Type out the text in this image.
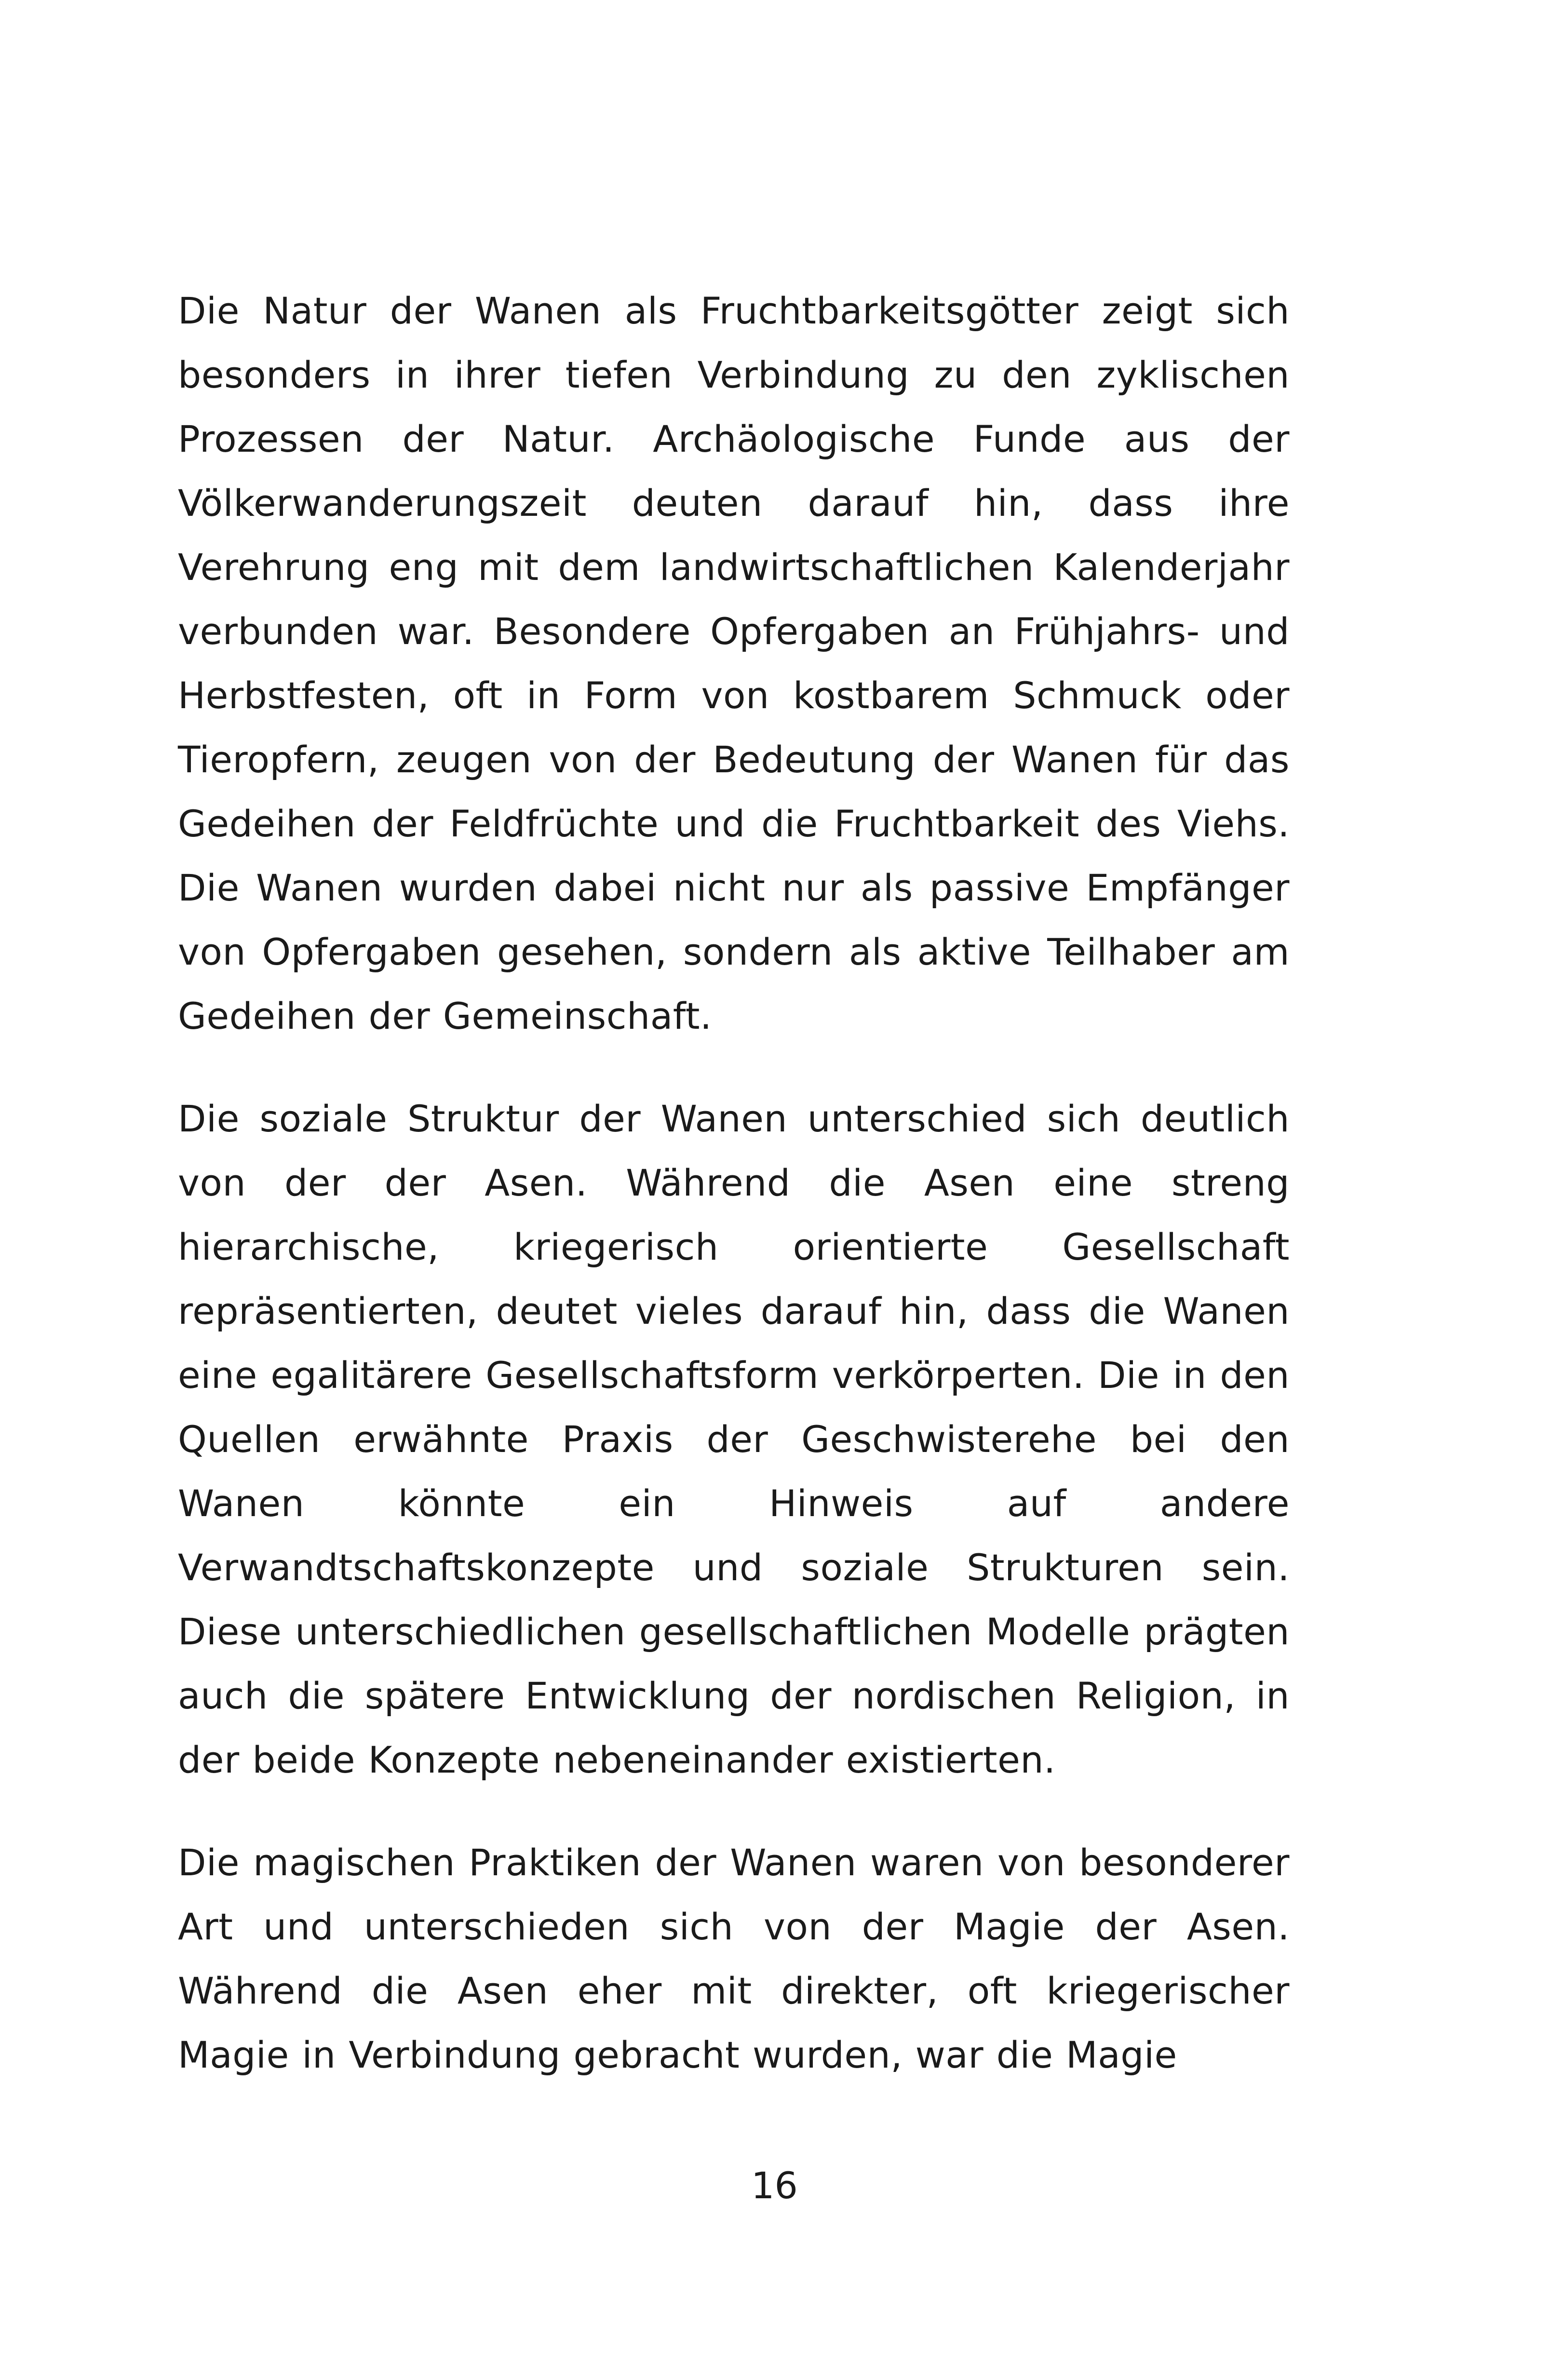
Die Natur der Wanen als Fruchtbarkeitsgötter zeigt sich besonders in ihrer tiefen Verbindung zu den zyklischen Prozessen der Natur. Archäologische Funde aus der Völkerwanderungszeit deuten darauf hin, dass ihre Verehrung eng mit dem landwirtschaftlichen Kalenderjahr verbunden war. Besondere Opfergaben an Frühjahrs- und Herbstfesten, oft in Form von kostbarem Schmuck oder Tieropfern, zeugen von der Bedeutung der Wanen für das Gedeihen der Feldfrüchte und die Fruchtbarkeit des Viehs. Die Wanen wurden dabei nicht nur als passive Empfänger von Opfergaben gesehen, sondern als aktive Teilhaber am Gedeihen der Gemeinschaft.

Die soziale Struktur der Wanen unterschied sich deutlich von der der Asen. Während die Asen eine streng hierarchische, kriegerisch orientierte Gesellschaft repräsentierten, deutet vieles darauf hin, dass die Wanen eine egalitärere Gesellschaftsform verkörperten. Die in den Quellen erwähnte Praxis der Geschwisterehe bei den Wanen könnte ein Hinweis auf andere Verwandtschaftskonzepte und soziale Strukturen sein. Diese unterschiedlichen gesellschaftlichen Modelle prägten auch die spätere Entwicklung der nordischen Religion, in der beide Konzepte nebeneinander existierten.

Die magischen Praktiken der Wanen waren von besonderer Art und unterschieden sich von der Magie der Asen. Während die Asen eher mit direkter, oft kriegerischer Magie in Verbindung gebracht wurden, war die Magie

16
